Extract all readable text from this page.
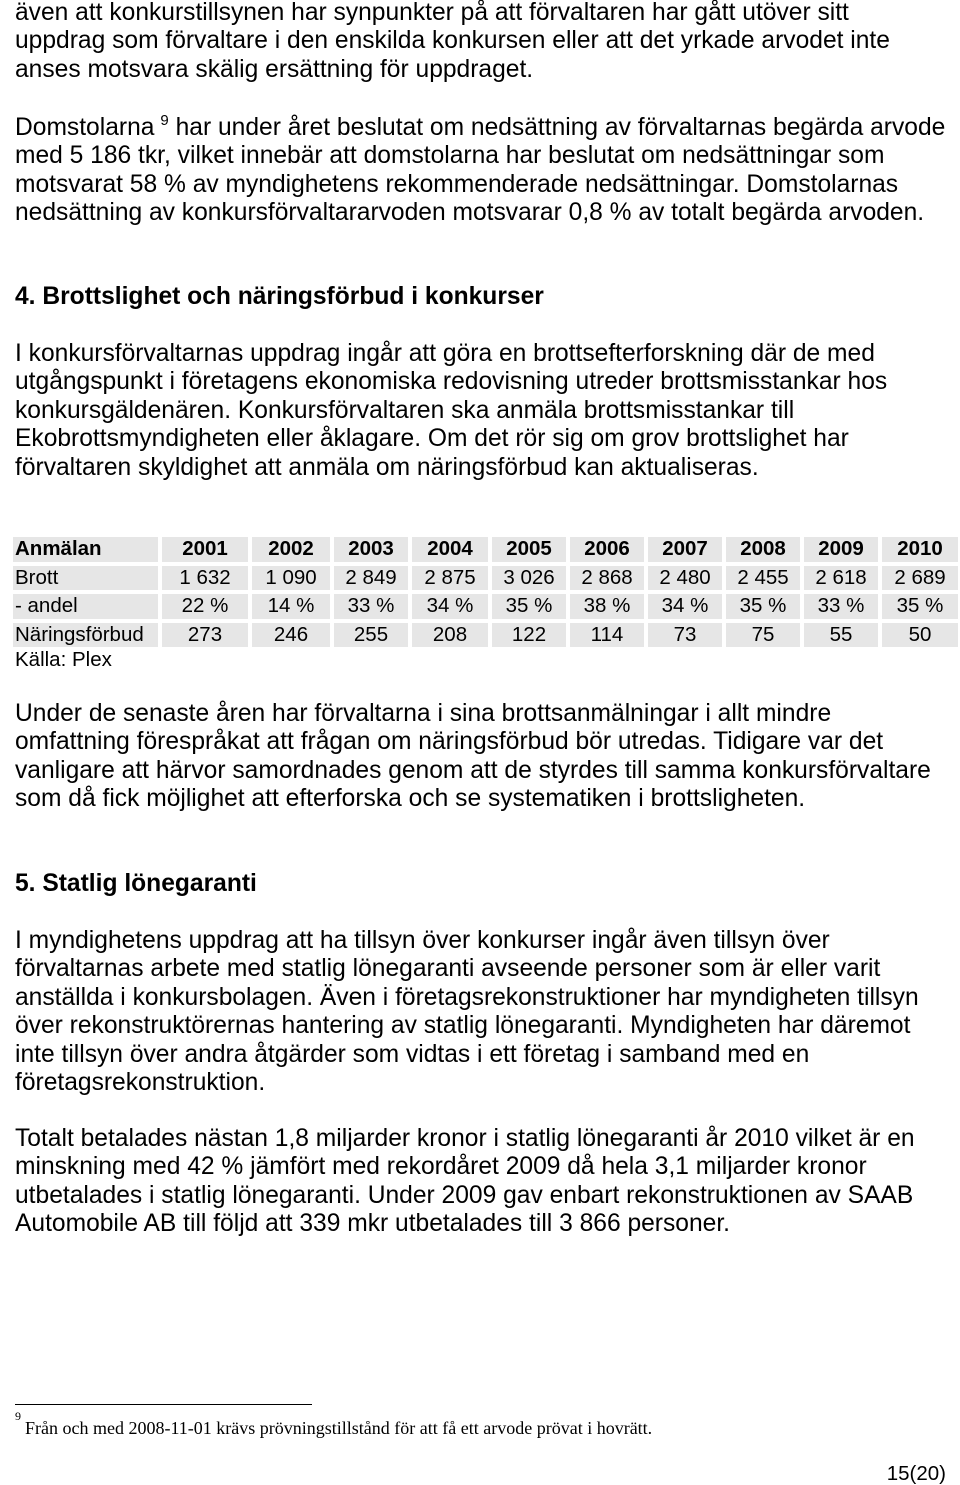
även att konkurstillsynen har synpunkter på att förvaltaren har gått utöver sitt
uppdrag som förvaltare i den enskilda konkursen eller att det yrkade arvodet inte
anses motsvara skälig ersättning för uppdraget.
Domstolarna $^9$ har under året beslutat om nedsättning av förvaltarnas begärda arvode
med 5 186 tkr, vilket innebär att domstolarna har beslutat om nedsättningar som
motsvarat 58 % av myndighetens rekommenderade nedsättningar. Domstolarnas
nedsättning av konkursförvaltararvoden motsvarar 0,8 % av totalt begärda arvoden.
4. Brottslighet och näringsförbud i konkurser
I konkursförvaltarnas uppdrag ingår att göra en brottsefterforskning där de med
utgångspunkt i företagens ekonomiska redovisning utreder brottsmisstankar hos
konkursgäldenären. Konkursförvaltaren ska anmäla brottsmisstankar till
Ekobrottsmyndigheten eller åklagare. Om det rör sig om grov brottslighet har
förvaltaren skyldighet att anmäla om näringsförbud kan aktualiseras.
Anmälan	2001	2002	2003	2004	2005	2006	2007	2008	2009	2010
Brott	1 632	1 090	2 849	2 875	3 026	2 868	2 480	2 455	2 618	2 689
- andel	22 %	14 %	33 %	34 %	35 %	38 %	34 %	35 %	33 %	35 %
Näringsförbud	273	246	255	208	122	114	73	75	55	50
Källa: Plex
Under de senaste åren har förvaltarna i sina brottsanmälningar i allt mindre
omfattning förespråkat att frågan om näringsförbud bör utredas. Tidigare var det
vanligare att härvor samordnades genom att de styrdes till samma konkursförvaltare
som då fick möjlighet att efterforska och se systematiken i brottsligheten.
5. Statlig lönegaranti
I myndighetens uppdrag att ha tillsyn över konkurser ingår även tillsyn över
förvaltarnas arbete med statlig lönegaranti avseende personer som är eller varit
anställda i konkursbolagen. Även i företagsrekonstruktioner har myndigheten tillsyn
över rekonstruktörernas hantering av statlig lönegaranti. Myndigheten har däremot
inte tillsyn över andra åtgärder som vidtas i ett företag i samband med en
företagsrekonstruktion.
Totalt betalades nästan 1,8 miljarder kronor i statlig lönegaranti år 2010 vilket är en
minskning med 42 % jämfört med rekordåret 2009 då hela 3,1 miljarder kronor
utbetalades i statlig lönegaranti. Under 2009 gav enbart rekonstruktionen av SAAB
Automobile AB till följd att 339 mkr utbetalades till 3 866 personer.
$^9$Från och med 2008-11-01 krävs prövningstillstånd för att få ett arvode prövat i hovrätt.
15(20)
